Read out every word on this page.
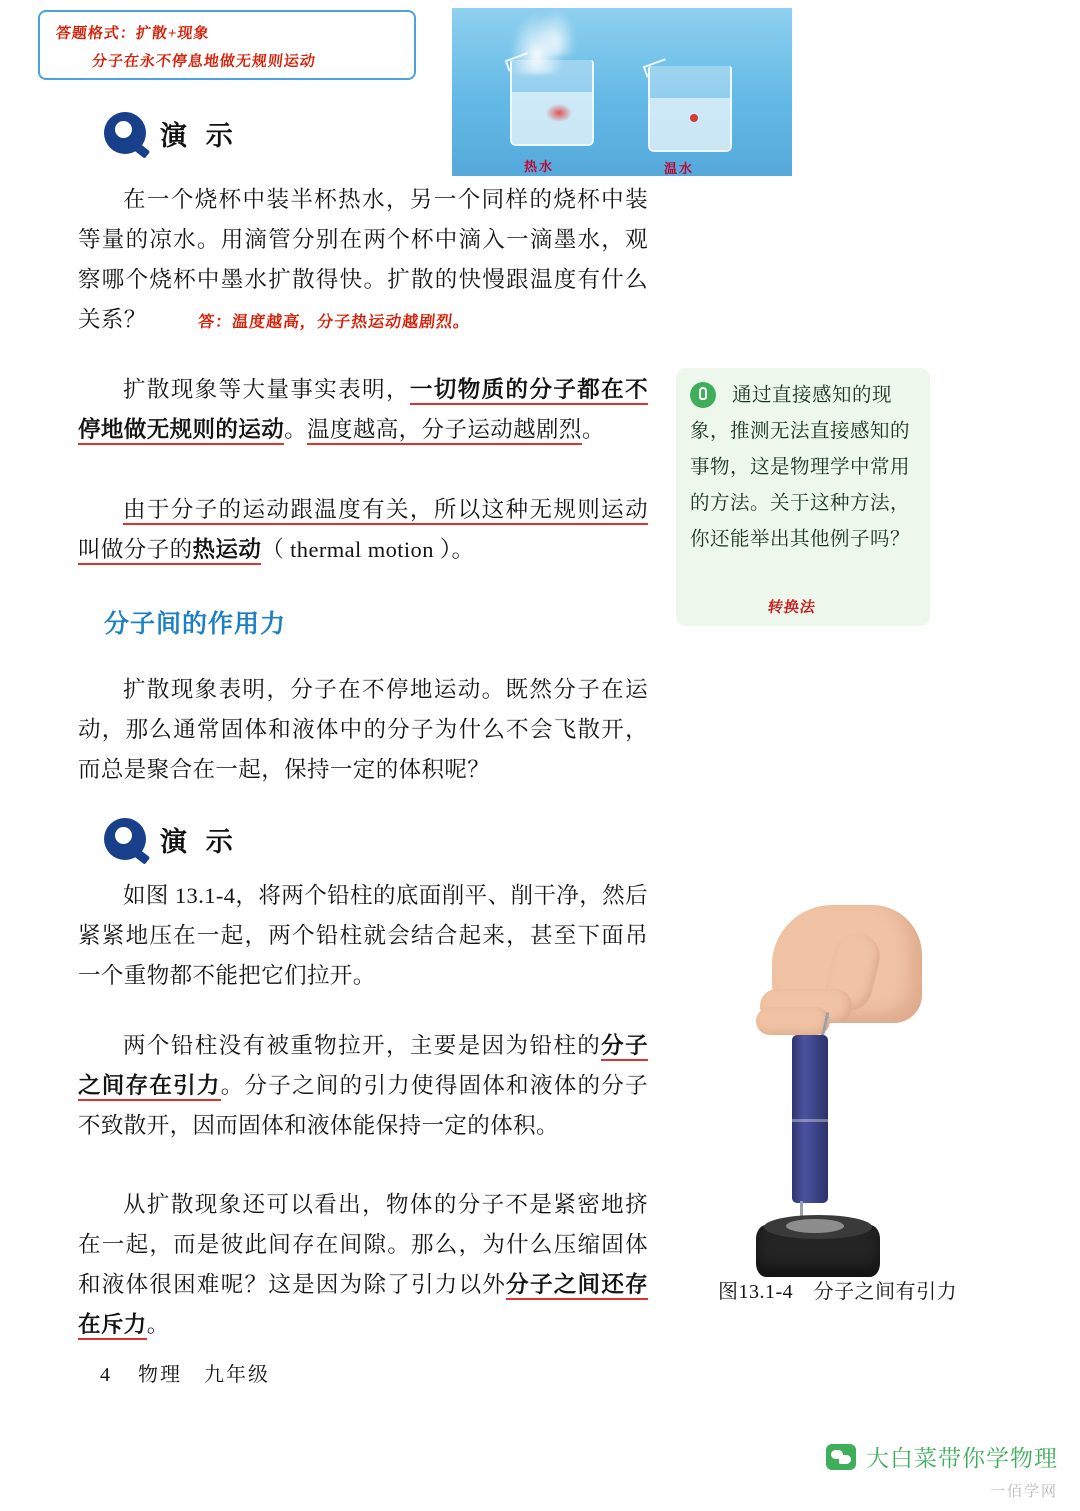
答题格式：扩散+现象
分子在永不停息地做无规则运动
热水	温水
演 示
在一个烧杯中装半杯热水，另一个同样的烧杯中装等量的凉水。用滴管分别在两个杯中滴入一滴墨水，观察哪个烧杯中墨水扩散得快。扩散的快慢跟温度有什么关系？	答：温度越高，分子热运动越剧烈。
扩散现象等大量事实表明，一切物质的分子都在不停地做无规则的运动。温度越高，分子运动越剧烈。
由于分子的运动跟温度有关，所以这种无规则运动叫做分子的热运动（ thermal motion ）。
分子间的作用力
扩散现象表明，分子在不停地运动。既然分子在运动，那么通常固体和液体中的分子为什么不会飞散开，而总是聚合在一起，保持一定的体积呢？
通过直接感知的现象，推测无法直接感知的事物，这是物理学中常用的方法。关于这种方法，你还能举出其他例子吗？
转换法
演 示
如图 13.1-4，将两个铅柱的底面削平、削干净，然后紧紧地压在一起，两个铅柱就会结合起来，甚至下面吊一个重物都不能把它们拉开。
两个铅柱没有被重物拉开，主要是因为铅柱的分子之间存在引力。分子之间的引力使得固体和液体的分子不致散开，因而固体和液体能保持一定的体积。
从扩散现象还可以看出，物体的分子不是紧密地挤在一起，而是彼此间存在间隙。那么，为什么压缩固体和液体很困难呢？这是因为除了引力以外分子之间还存在斥力。
图13.1-4　分子之间有引力
4 物理　九年级
大白菜带你学物理
一佰学网
